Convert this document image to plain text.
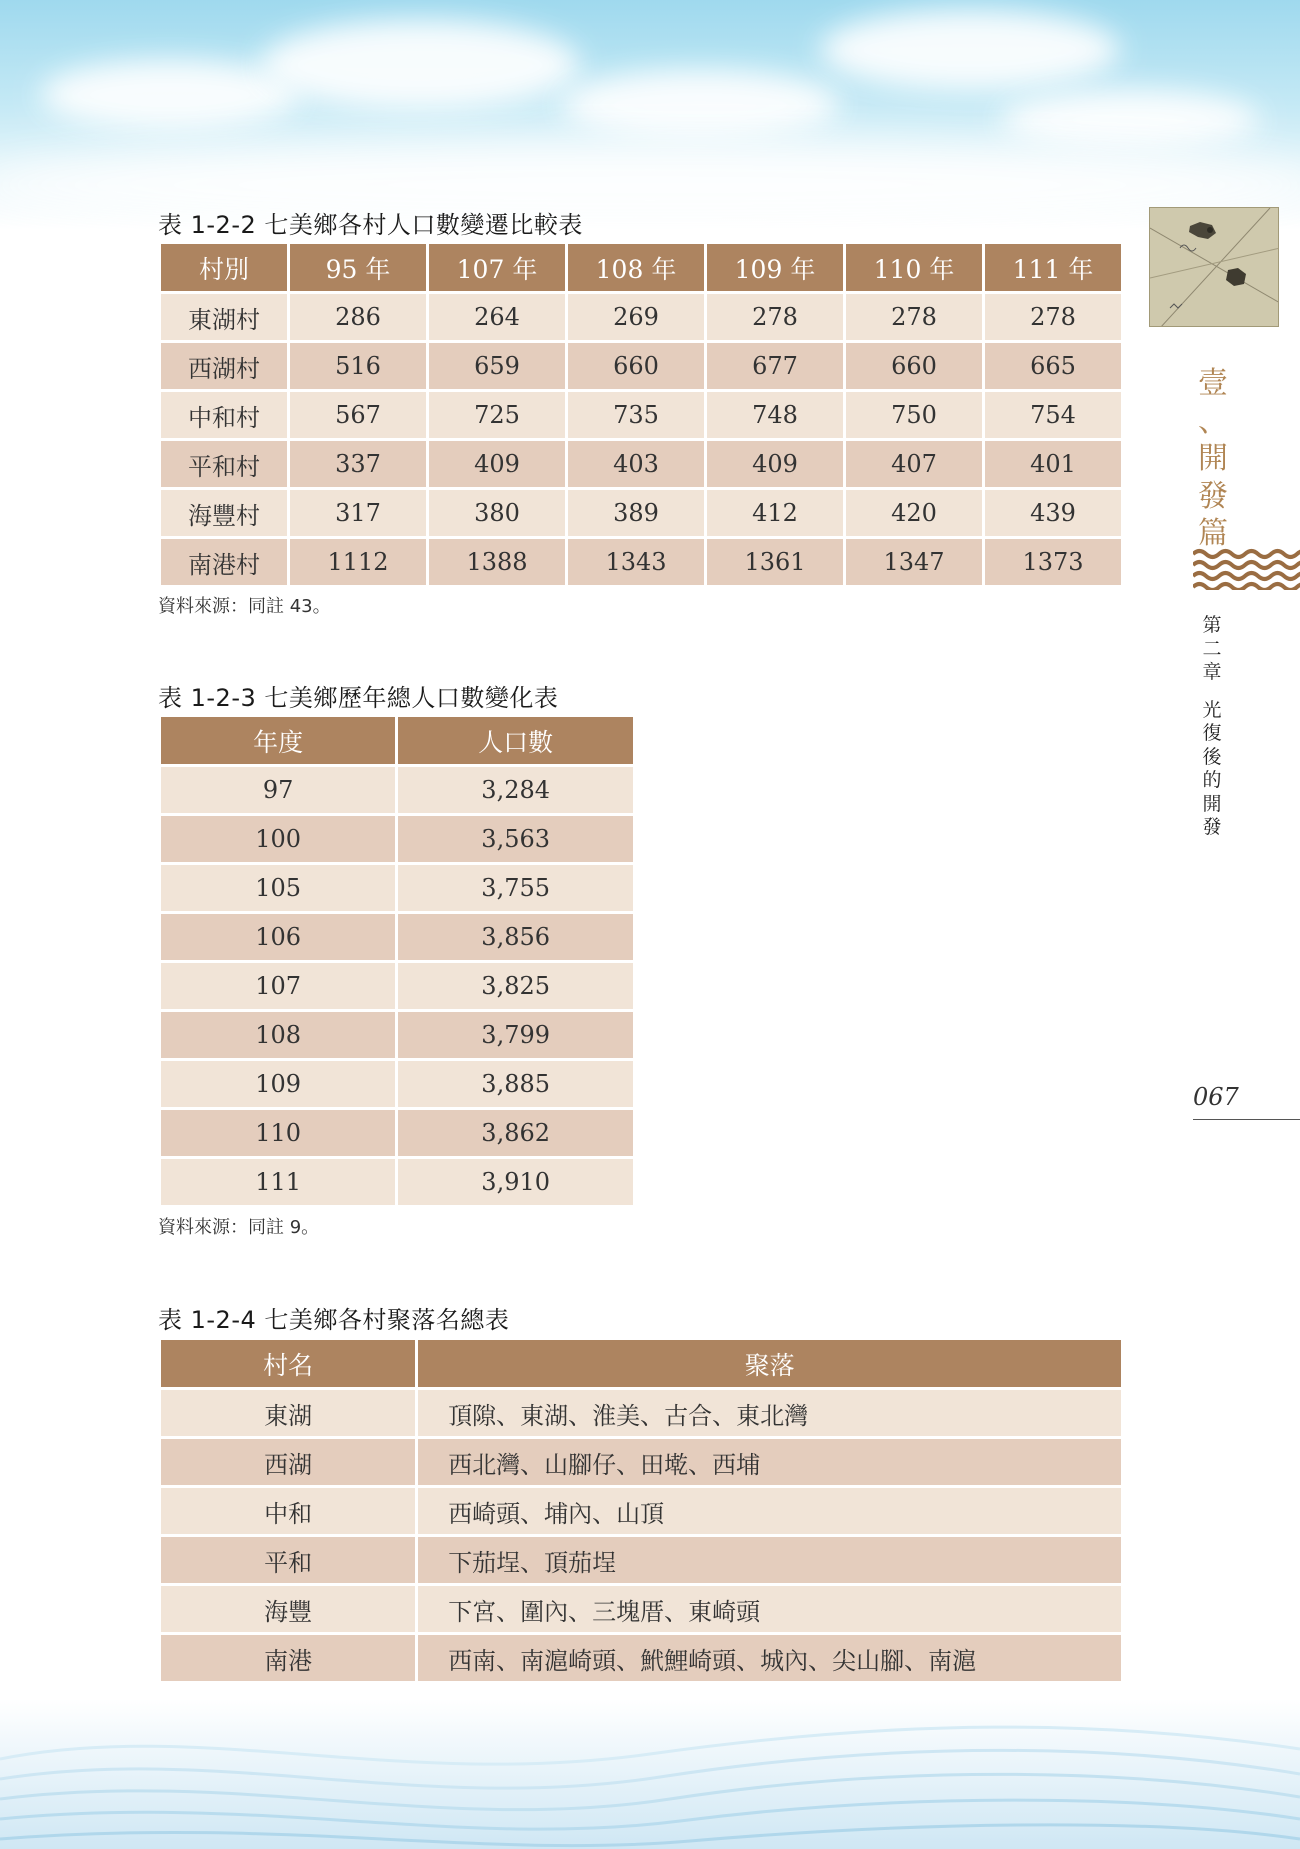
表 1-2-2 七美鄉各村人口數變遷比較表
村別	95 年	107 年	108 年	109 年	110 年	111 年
東湖村	286	264	269	278	278	278
西湖村	516	659	660	677	660	665
中和村	567	725	735	748	750	754
平和村	337	409	403	409	407	401
海豐村	317	380	389	412	420	439
南港村	1112	1388	1343	1361	1347	1373
資料來源：同註 43。
表 1-2-3 七美鄉歷年總人口數變化表
年度	人口數
97	3,284
100	3,563
105	3,755
106	3,856
107	3,825
108	3,799
109	3,885
110	3,862
111	3,910
資料來源：同註 9。
表 1-2-4 七美鄉各村聚落名總表
村名	聚落
東湖	頂隙、東湖、淮美、古合、東北灣
西湖	西北灣、山腳仔、田墘、西埔
中和	西崎頭、埔內、山頂
平和	下茄埕、頂茄埕
海豐	下宮、圍內、三塊厝、東崎頭
南港	西南、南滬崎頭、鮘鯉崎頭、城內、尖山腳、南滬
壹
、
開
發
篇
第
二
章
光
復
後
的
開
發
067
